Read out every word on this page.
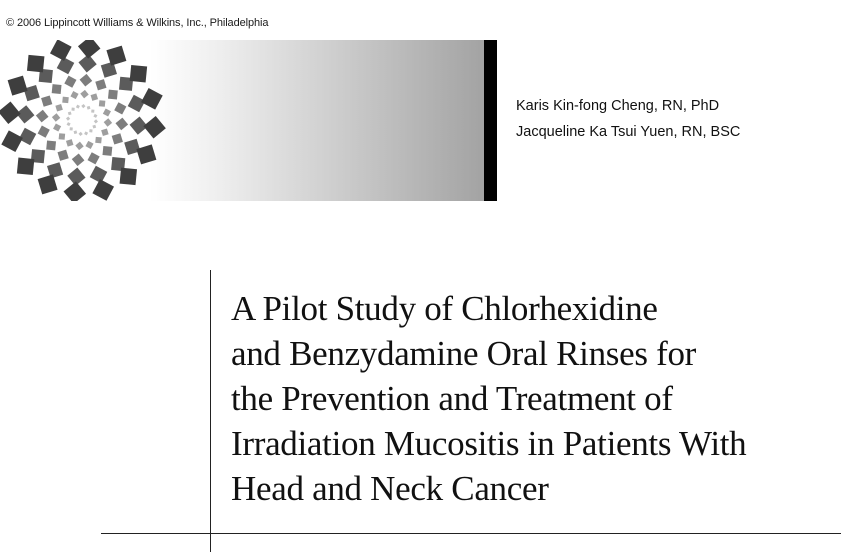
© 2006 Lippincott Williams & Wilkins, Inc., Philadelphia
Karis Kin-fong Cheng, RN, PhD
Jacqueline Ka Tsui Yuen, RN, BSC
A Pilot Study of Chlorhexidine
and Benzydamine Oral Rinses for
the Prevention and Treatment of
Irradiation Mucositis in Patients With
Head and Neck Cancer
